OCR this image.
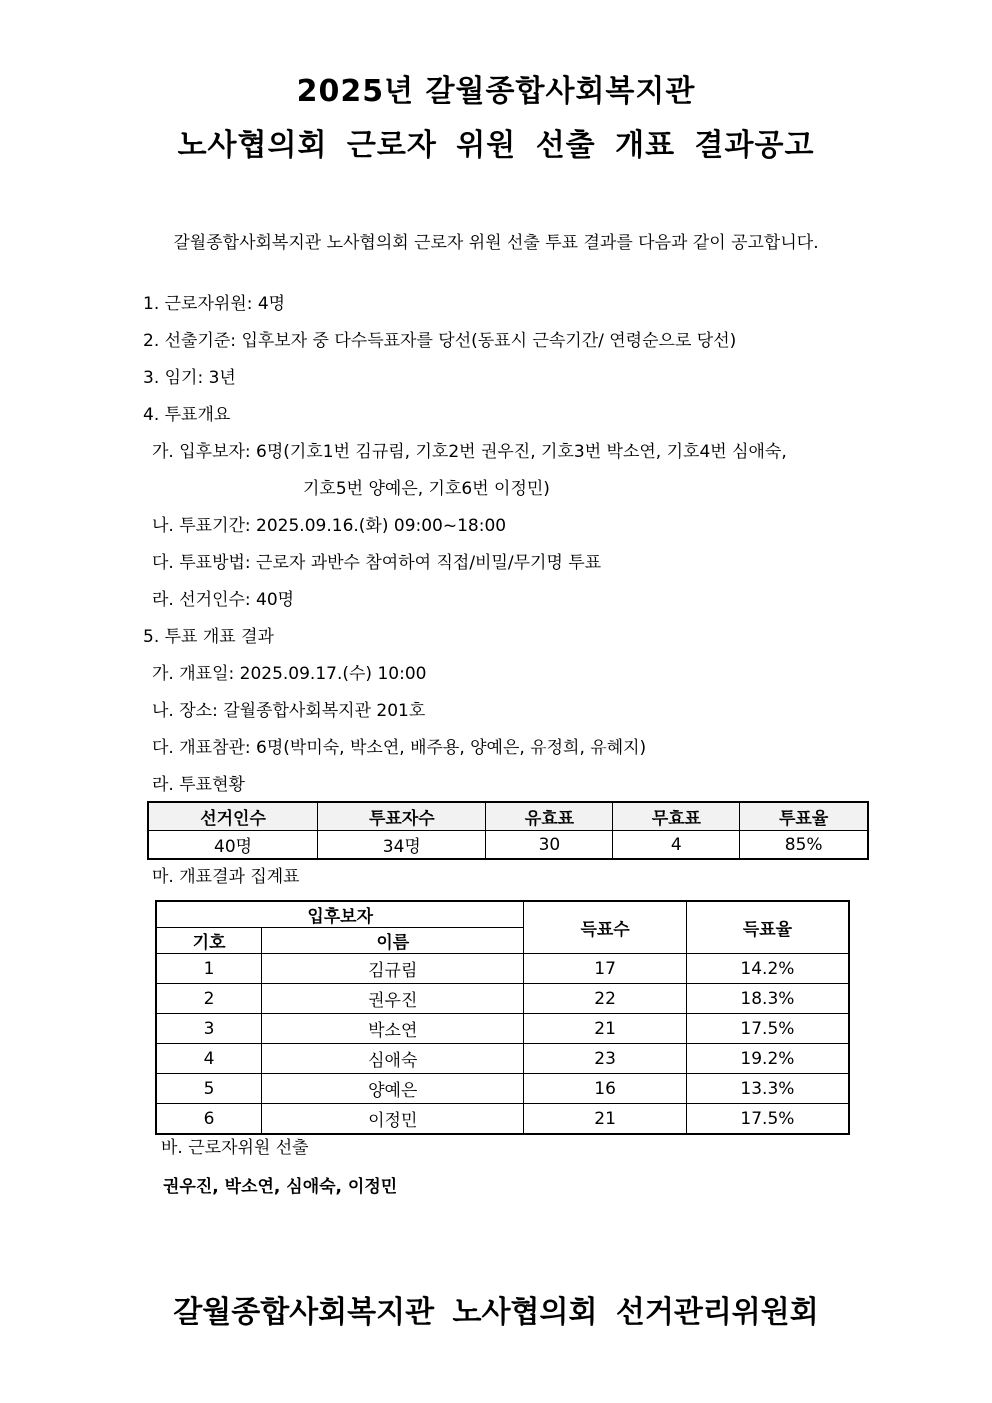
2025년 갈월종합사회복지관
노사협의회 근로자 위원 선출 개표 결과공고
갈월종합사회복지관 노사협의회 근로자 위원 선출 투표 결과를 다음과 같이 공고합니다.
1. 근로자위원: 4명
2. 선출기준: 입후보자 중 다수득표자를 당선(동표시 근속기간/ 연령순으로 당선)
3. 임기: 3년
4. 투표개요
가. 입후보자: 6명(기호1번 김규림, 기호2번 권우진, 기호3번 박소연, 기호4번 심애숙,
기호5번 양예은, 기호6번 이정민)
나. 투표기간: 2025.09.16.(화) 09:00~18:00
다. 투표방법: 근로자 과반수 참여하여 직접/비밀/무기명 투표
라. 선거인수: 40명
5. 투표 개표 결과
가. 개표일: 2025.09.17.(수) 10:00
나. 장소: 갈월종합사회복지관 201호
다. 개표참관: 6명(박미숙, 박소연, 배주용, 양예은, 유정희, 유혜지)
라. 투표현황
선거인수	투표자수	유효표	무효표	투표율
40명	34명	30	4	85%
마. 개표결과 집계표
입후보자		득표수	득표율
기호	이름		
1	김규림	17	14.2%
2	권우진	22	18.3%
3	박소연	21	17.5%
4	심애숙	23	19.2%
5	양예은	16	13.3%
6	이정민	21	17.5%
바. 근로자위원 선출
권우진, 박소연, 심애숙, 이정민
갈월종합사회복지관 노사협의회 선거관리위원회
